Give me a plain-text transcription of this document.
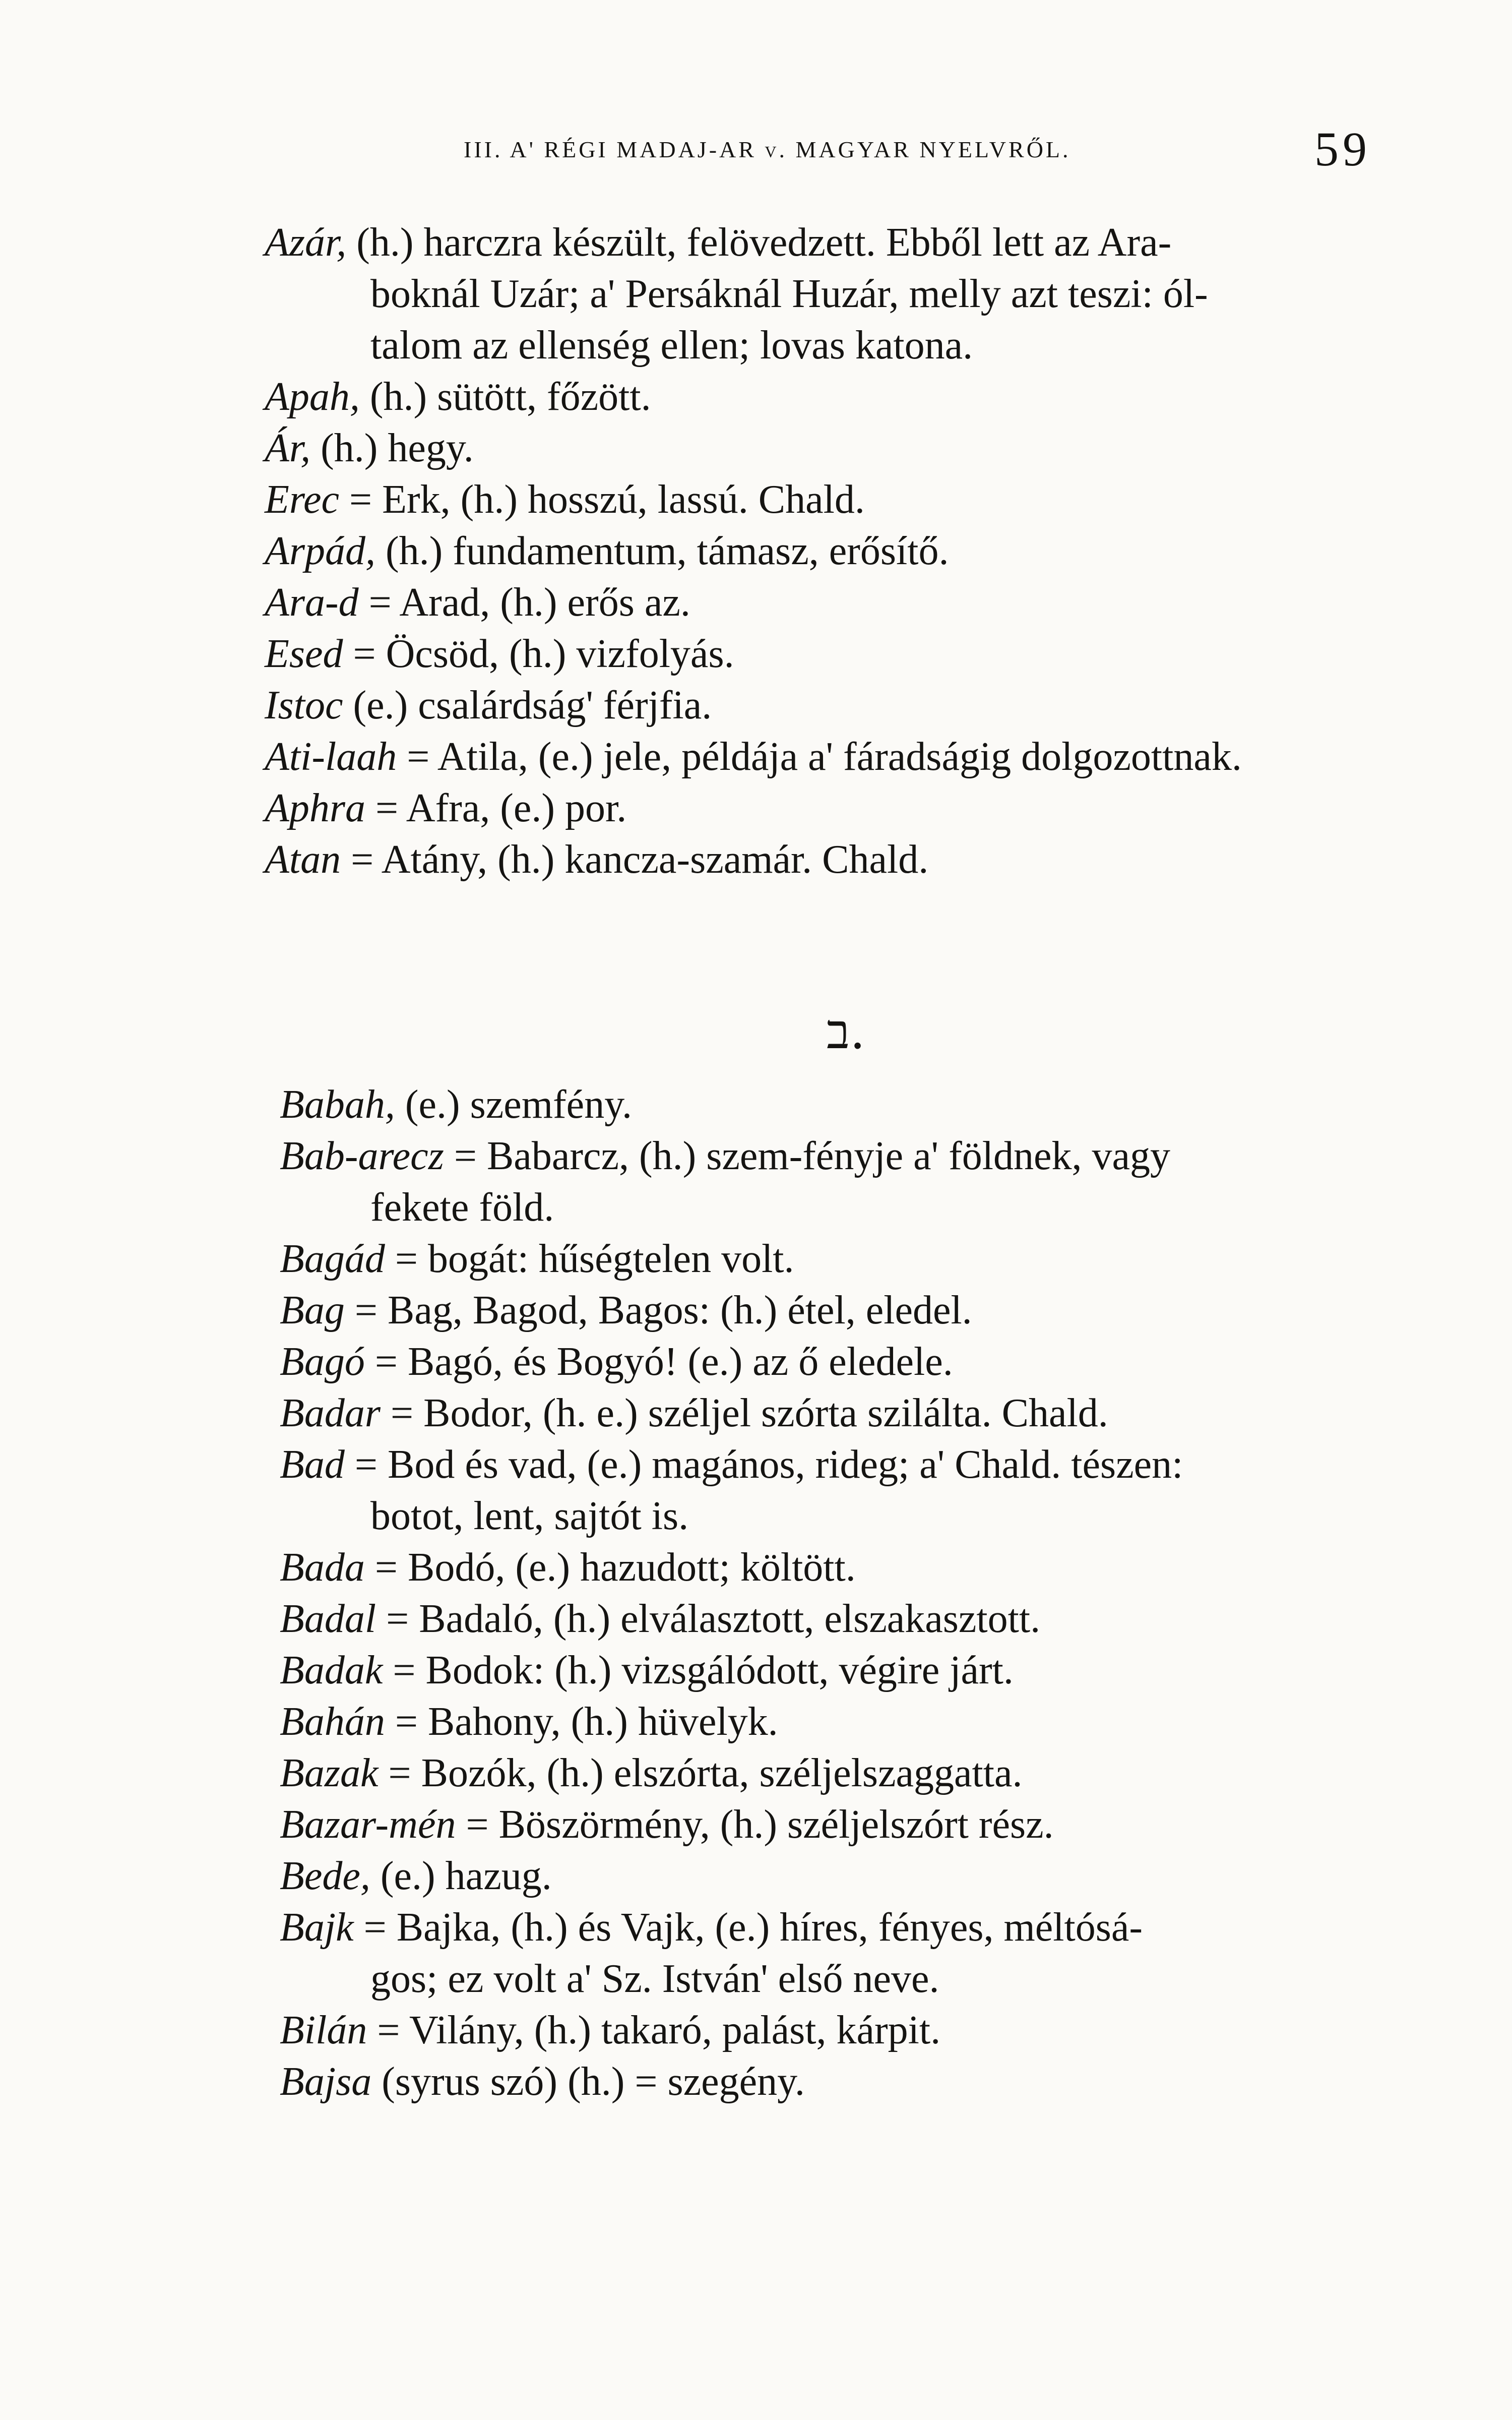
III. A' RÉGI MADAJ-AR v. MAGYAR NYELVRŐL.	59
Azár, (h.) harczra készült, felövedzett. Ebből lett az Ara-
boknál Uzár; a' Persáknál Huzár, melly azt teszi: ól-
talom az ellenség ellen; lovas katona.
Apah, (h.) sütött, főzött.
Ár, (h.) hegy.
Erec = Erk, (h.) hosszú, lassú. Chald.
Arpád, (h.) fundamentum, támasz, erősítő.
Ara-d = Arad, (h.) erős az.
Esed = Öcsöd, (h.) vizfolyás.
Istoc (e.) csalárdság' férjfia.
Ati-laah = Atila, (e.) jele, példája a' fáradságig dolgozottnak.
Aphra = Afra, (e.) por.
Atan = Atány, (h.) kancza-szamár. Chald.
ב.
Babah, (e.) szemfény.
Bab-arecz = Babarcz, (h.) szem-fényje a' földnek, vagy
fekete föld.
Bagád = bogát: hűségtelen volt.
Bag = Bag, Bagod, Bagos: (h.) étel, eledel.
Bagó = Bagó, és Bogyó! (e.) az ő eledele.
Badar = Bodor, (h. e.) széljel szórta szilálta. Chald.
Bad = Bod és vad, (e.) magános, rideg; a' Chald. tészen:
botot, lent, sajtót is.
Bada = Bodó, (e.) hazudott; költött.
Badal = Badaló, (h.) elválasztott, elszakasztott.
Badak = Bodok: (h.) vizsgálódott, végire járt.
Bahán = Bahony, (h.) hüvelyk.
Bazak = Bozók, (h.) elszórta, széljelszaggatta.
Bazar-mén = Böszörmény, (h.) széljelszórt rész.
Bede, (e.) hazug.
Bajk = Bajka, (h.) és Vajk, (e.) híres, fényes, méltósá-
gos; ez volt a' Sz. István' első neve.
Bilán = Vilány, (h.) takaró, palást, kárpit.
Bajsa (syrus szó) (h.) = szegény.
